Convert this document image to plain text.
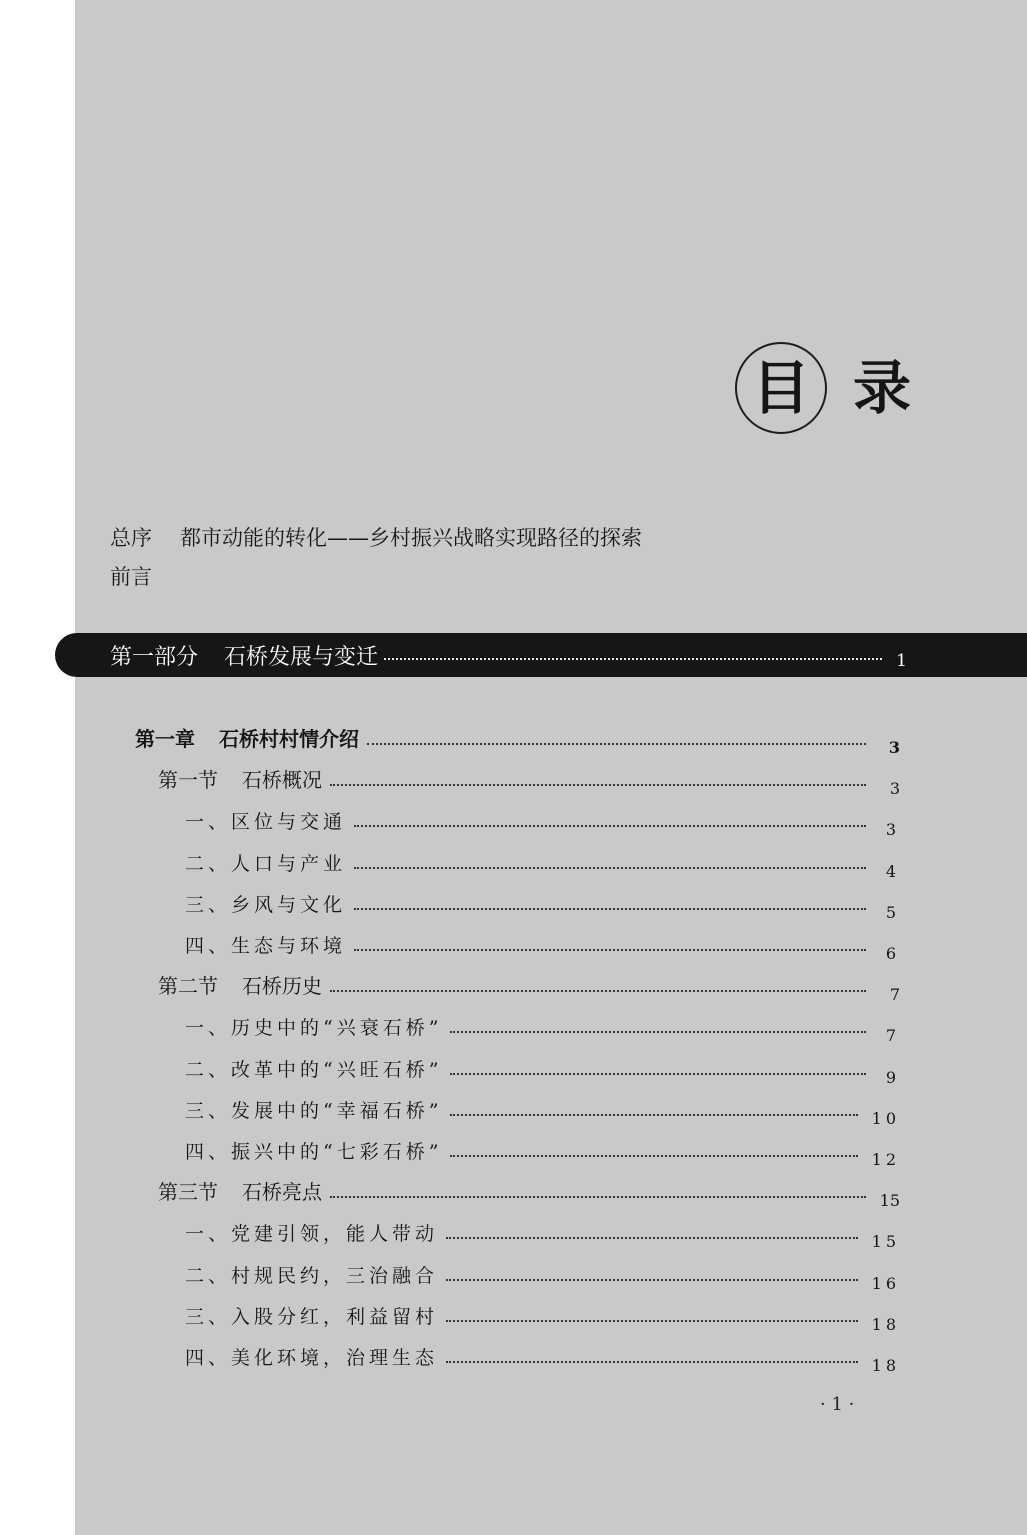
目 录
总序 都市动能的转化——乡村振兴战略实现路径的探索
前言
第一部分 石桥发展与变迁	1
第一章 石桥村村情介绍	3
第一节 石桥概况	3
一、区位与交通	3
二、人口与产业	4
三、乡风与文化	5
四、生态与环境	6
第二节 石桥历史	7
一、历史中的“兴衰石桥”	7
二、改革中的“兴旺石桥”	9
三、发展中的“幸福石桥”	10
四、振兴中的“七彩石桥”	12
第三节 石桥亮点	15
一、党建引领，能人带动	15
二、村规民约，三治融合	16
三、入股分红，利益留村	18
四、美化环境，治理生态	18
· 1 ·
